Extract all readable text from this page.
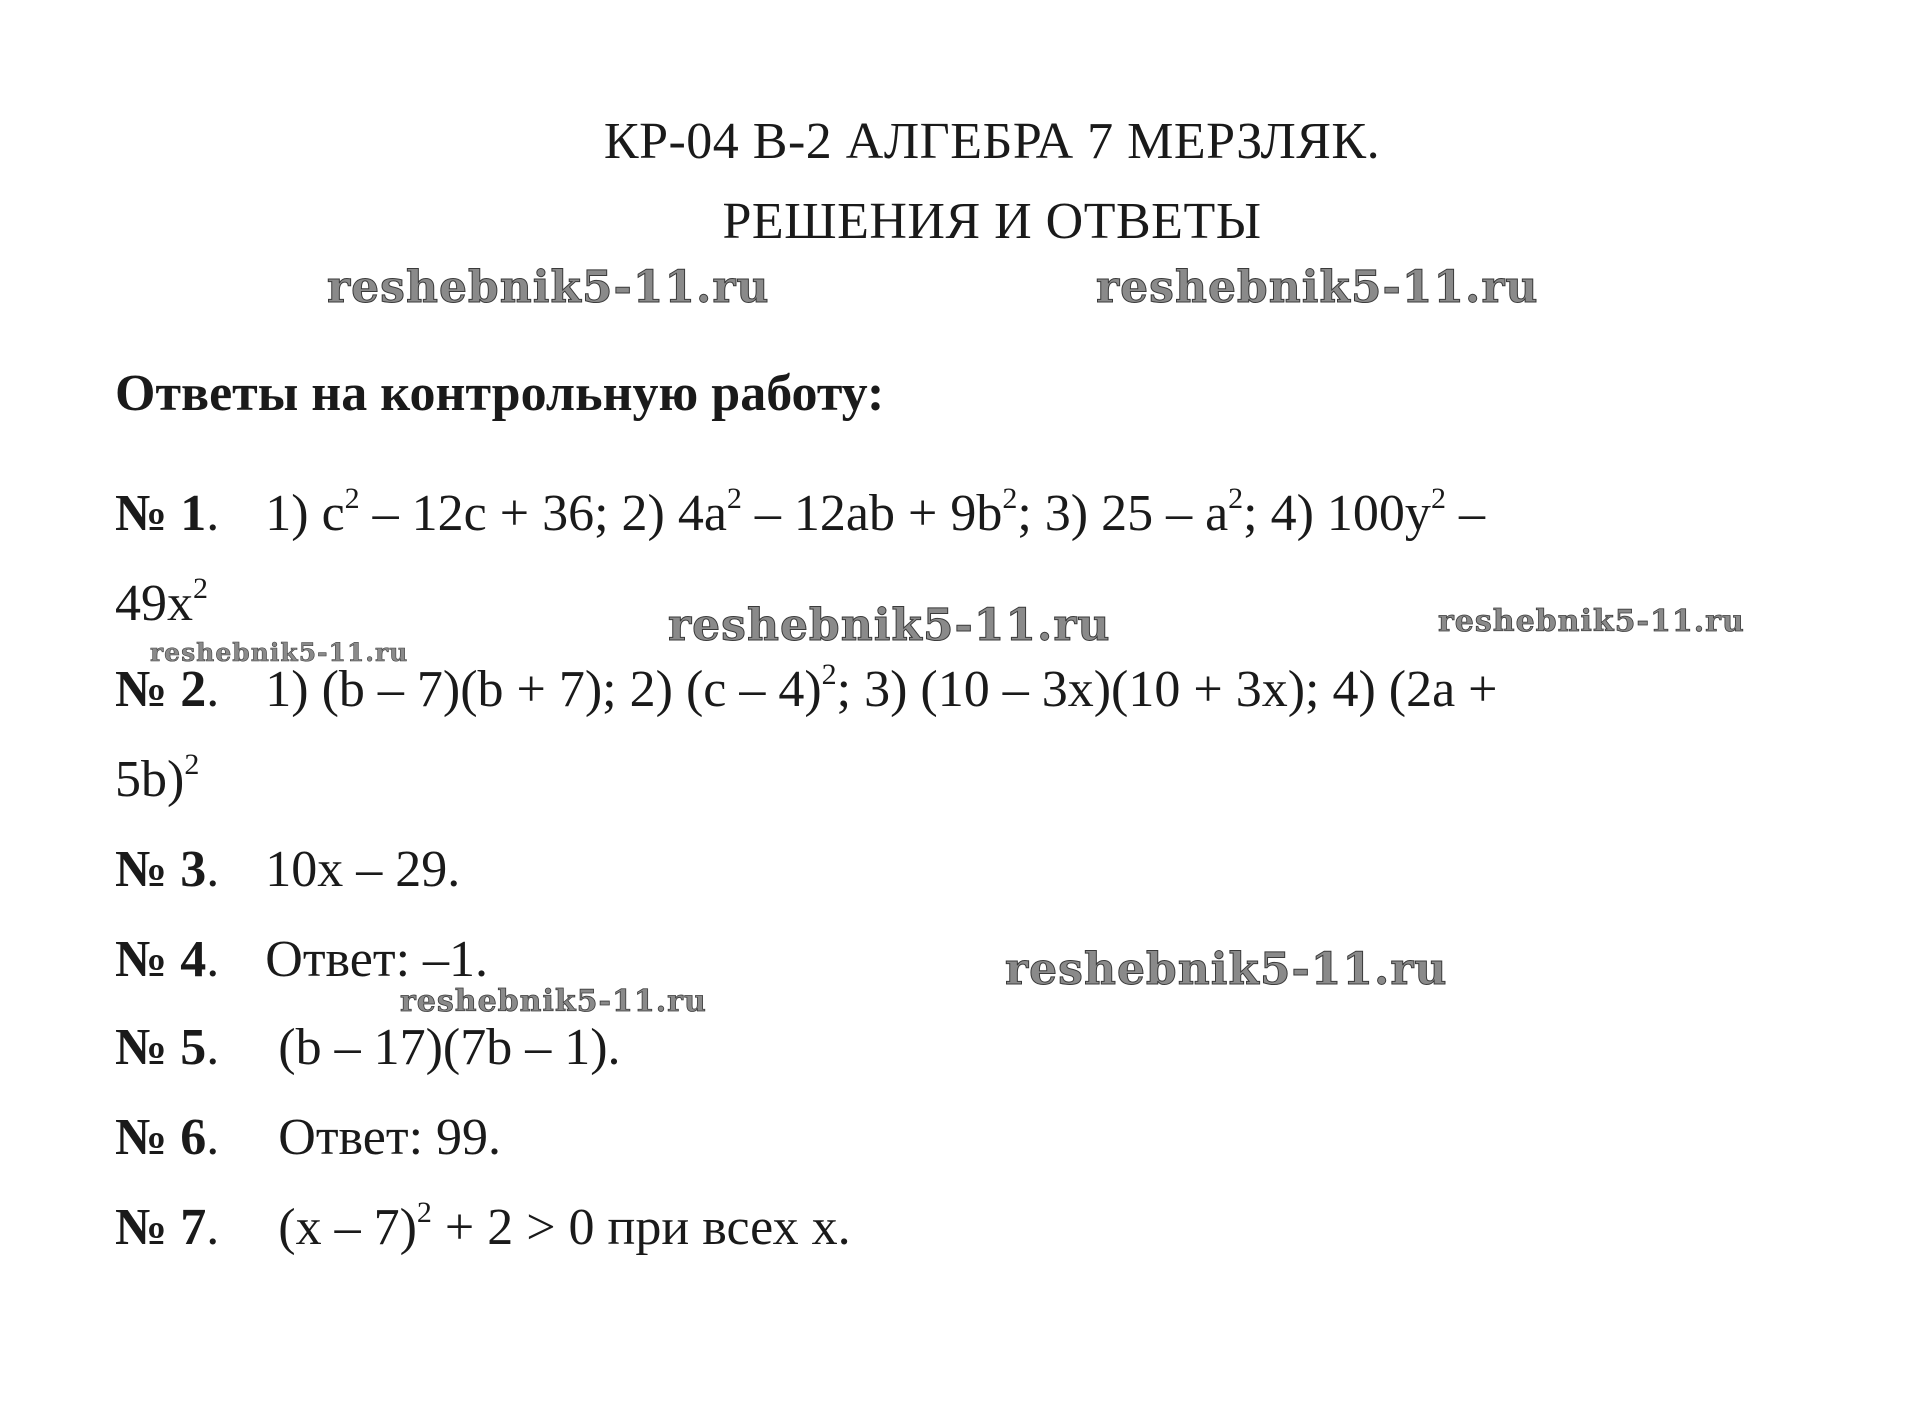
КР-04 В-2 АЛГЕБРА 7 МЕРЗЛЯК.
РЕШЕНИЯ И ОТВЕТЫ
reshebnik5-11.ru	reshebnik5-11.ru
Ответы на контрольную работу:
№ 1. 1) $c^2 - 12c + 36$; 2) $4a^2 - 12ab + 9b^2$; 3) $25 - a^2$; 4) $100y^2$ –
$49x^2$
reshebnik5-11.ru	reshebnik5-11.ru
reshebnik5-11.ru
№ 2. 1) (b – 7)(b + 7); 2) (c – 4)$^2$; 3) (10 – 3x)(10 + 3x); 4) (2a +
5b)$^2$
№ 3. 10x – 29.
№ 4. Ответ: –1.	reshebnik5-11.ru
reshebnik5-11.ru
№ 5. (b – 17)(7b – 1).
№ 6. Ответ: 99.
№ 7. (x – 7)$^2$ + 2 > 0 при всех x.
